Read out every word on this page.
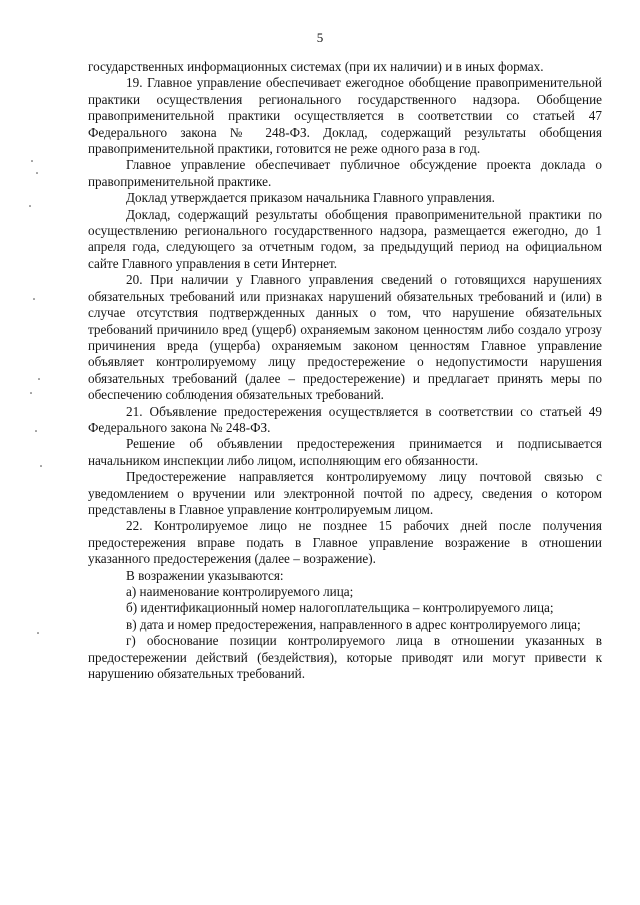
5

государственных информационных системах (при их наличии) и в иных формах.

19. Главное управление обеспечивает ежегодное обобщение правоприменительной практики осуществления регионального государственного надзора. Обобщение правоприменительной практики осуществляется в соответствии со статьей 47 Федерального закона № 248-ФЗ. Доклад, содержащий результаты обобщения правоприменительной практики, готовится не реже одного раза в год.

Главное управление обеспечивает публичное обсуждение проекта доклада о правоприменительной практике.

Доклад утверждается приказом начальника Главного управления.

Доклад, содержащий результаты обобщения правоприменительной практики по осуществлению регионального государственного надзора, размещается ежегодно, до 1 апреля года, следующего за отчетным годом, за предыдущий период на официальном сайте Главного управления в сети Интернет.

20. При наличии у Главного управления сведений о готовящихся нарушениях обязательных требований или признаках нарушений обязательных требований и (или) в случае отсутствия подтвержденных данных о том, что нарушение обязательных требований причинило вред (ущерб) охраняемым законом ценностям либо создало угрозу причинения вреда (ущерба) охраняемым законом ценностям Главное управление объявляет контролируемому лицу предостережение о недопустимости нарушения обязательных требований (далее – предостережение) и предлагает принять меры по обеспечению соблюдения обязательных требований.

21. Объявление предостережения осуществляется в соответствии со статьей 49 Федерального закона № 248-ФЗ.

Решение об объявлении предостережения принимается и подписывается начальником инспекции либо лицом, исполняющим его обязанности.

Предостережение направляется контролируемому лицу почтовой связью с уведомлением о вручении или электронной почтой по адресу, сведения о котором представлены в Главное управление контролируемым лицом.

22. Контролируемое лицо не позднее 15 рабочих дней после получения предостережения вправе подать в Главное управление возражение в отношении указанного предостережения (далее – возражение).

В возражении указываются:

а) наименование контролируемого лица;

б) идентификационный номер налогоплательщика – контролируемого лица;

в) дата и номер предостережения, направленного в адрес контролируемого лица;

г) обоснование позиции контролируемого лица в отношении указанных в предостережении действий (бездействия), которые приводят или могут привести к нарушению обязательных требований.
